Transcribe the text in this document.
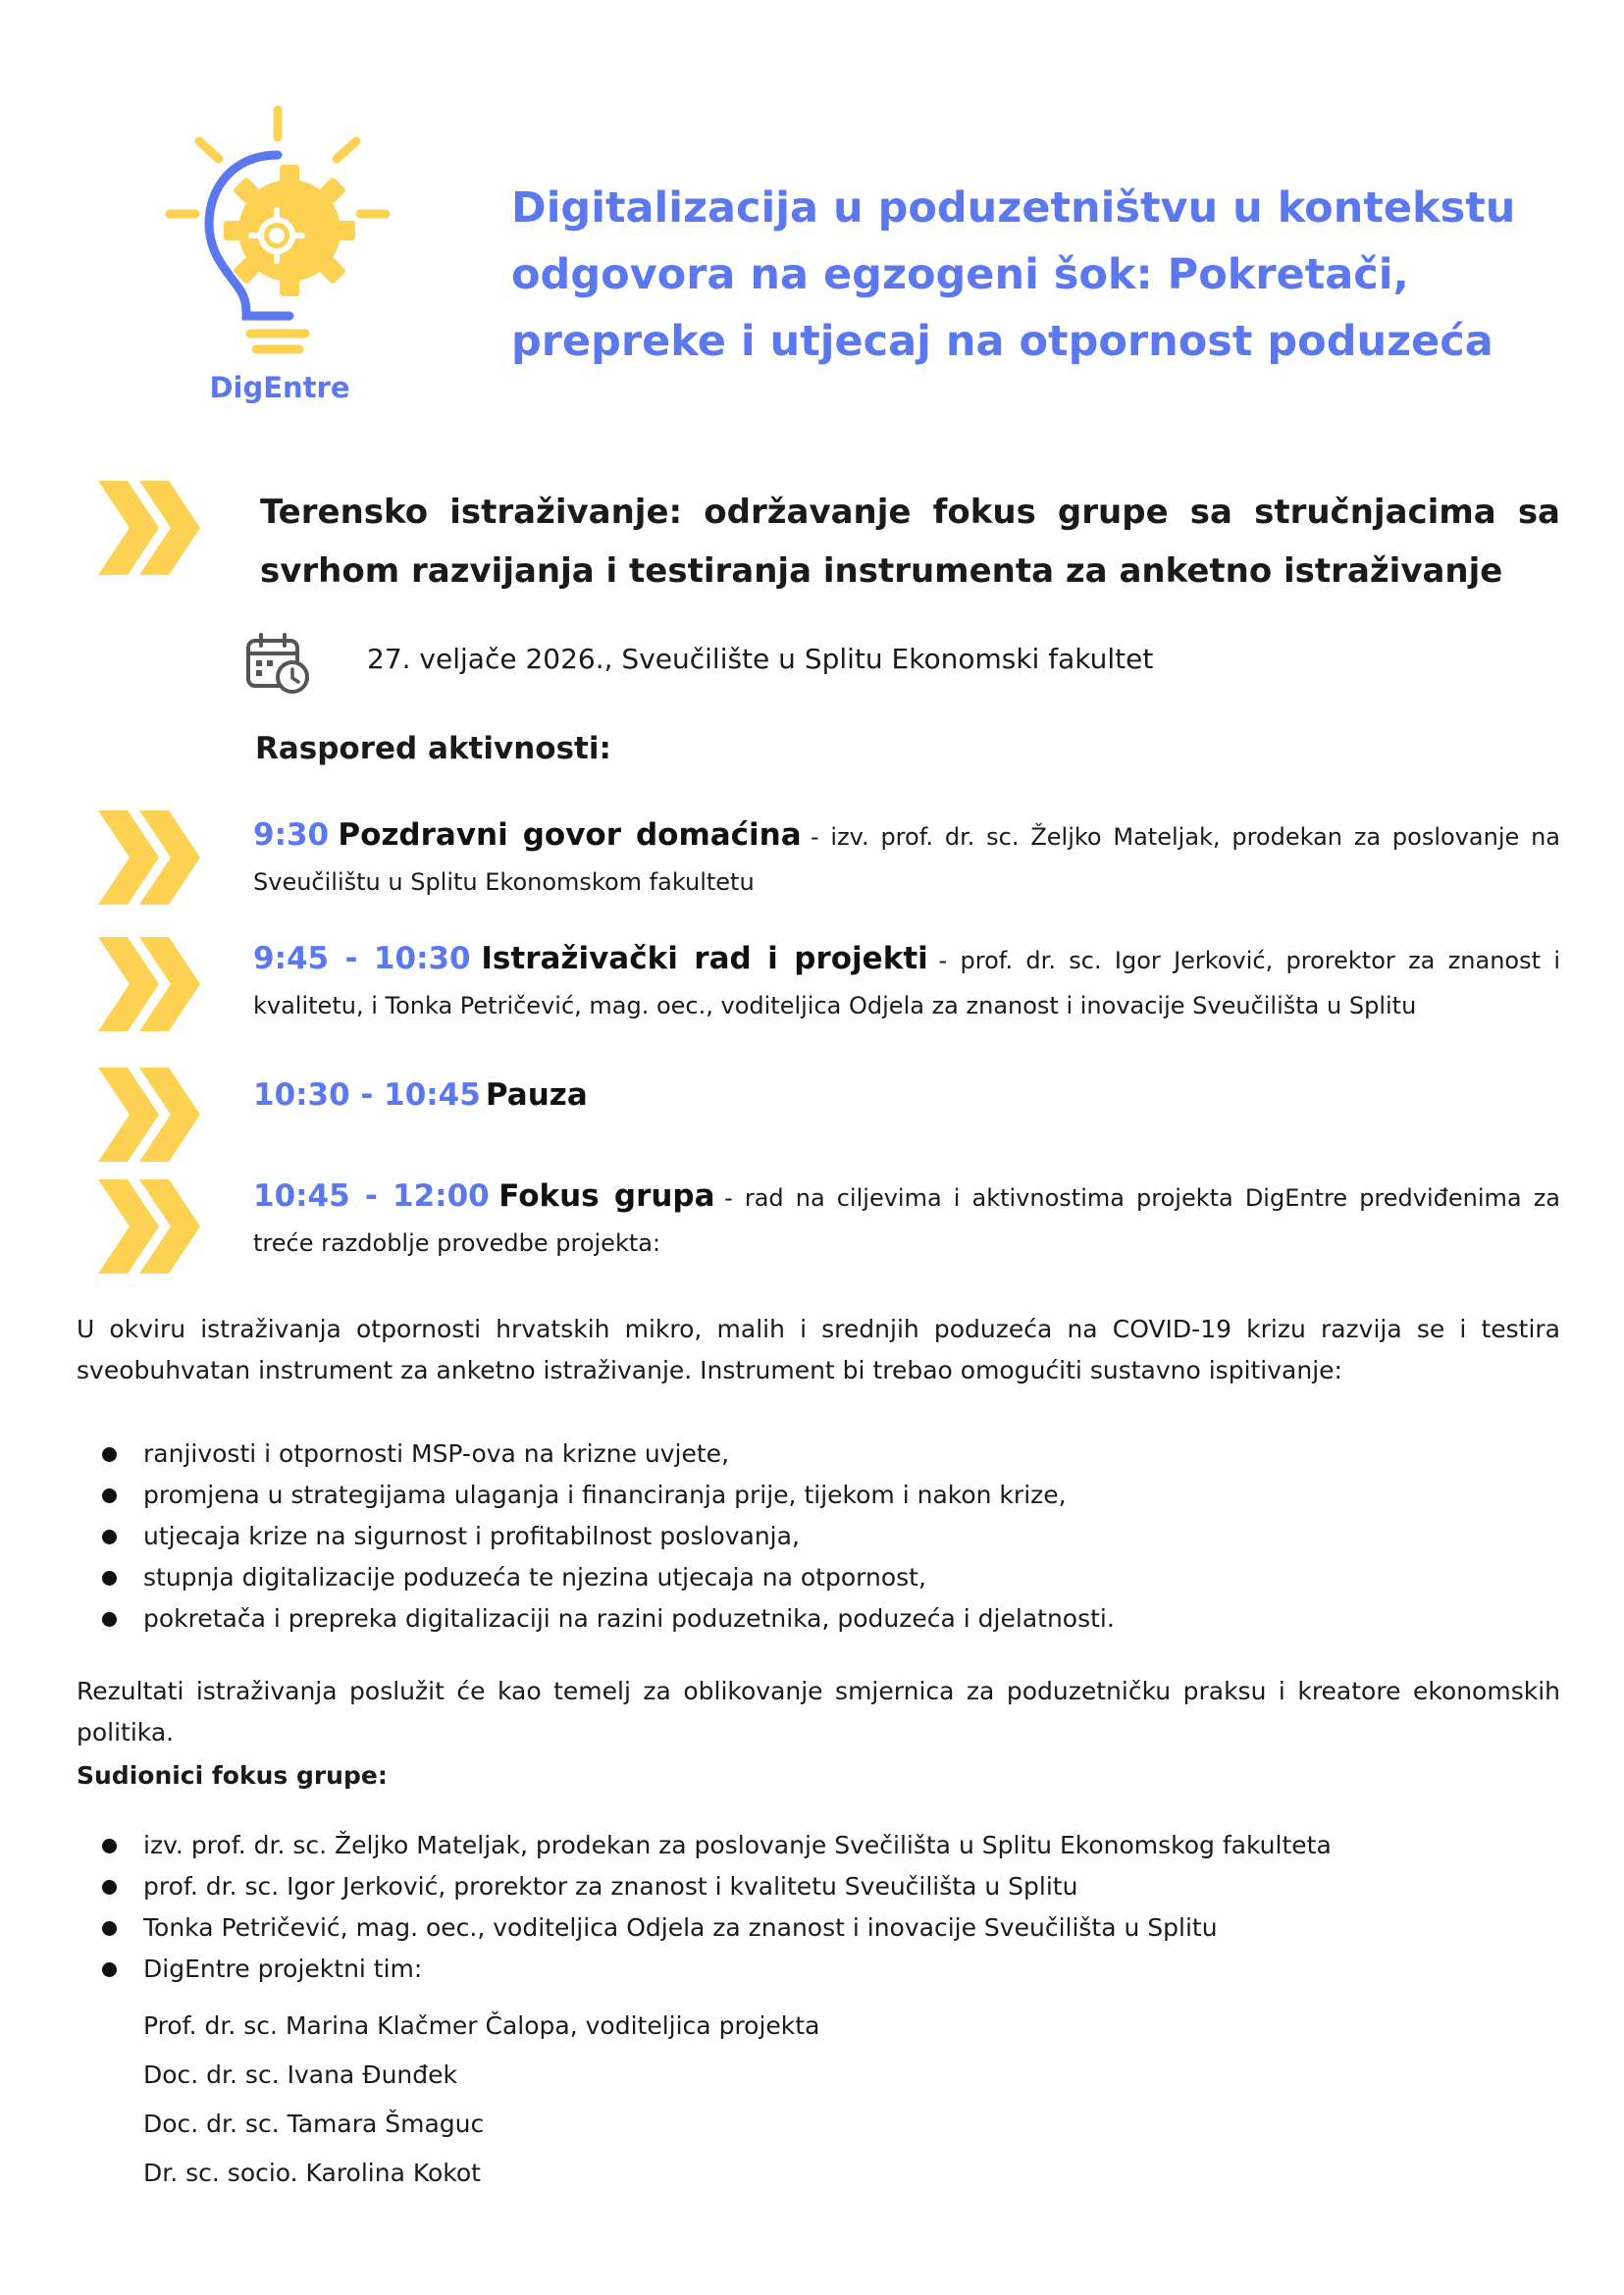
DigEntre
Digitalizacija u poduzetništvu u kontekstu odgovora na egzogeni šok: Pokretači, prepreke i utjecaj na otpornost poduzeća
Terensko istraživanje: održavanje fokus grupe sa stručnjacima sa svrhom razvijanja i testiranja instrumenta za anketno istraživanje
27. veljače 2026., Sveučilište u Splitu Ekonomski fakultet
Raspored aktivnosti:
9:30 Pozdravni govor domaćina - izv. prof. dr. sc. Željko Mateljak, prodekan za poslovanje na Sveučilištu u Splitu Ekonomskom fakultetu
9:45 - 10:30 Istraživački rad i projekti - prof. dr. sc. Igor Jerković, prorektor za znanost i kvalitetu, i Tonka Petričević, mag. oec., voditeljica Odjela za znanost i inovacije Sveučilišta u Splitu
10:30 - 10:45 Pauza
10:45 - 12:00 Fokus grupa - rad na ciljevima i aktivnostima projekta DigEntre predviđenima za treće razdoblje provedbe projekta:
U okviru istraživanja otpornosti hrvatskih mikro, malih i srednjih poduzeća na COVID-19 krizu razvija se i testira sveobuhvatan instrument za anketno istraživanje. Instrument bi trebao omogućiti sustavno ispitivanje:
ranjivosti i otpornosti MSP-ova na krizne uvjete,
promjena u strategijama ulaganja i financiranja prije, tijekom i nakon krize,
utjecaja krize na sigurnost i profitabilnost poslovanja,
stupnja digitalizacije poduzeća te njezina utjecaja na otpornost,
pokretača i prepreka digitalizaciji na razini poduzetnika, poduzeća i djelatnosti.
Rezultati istraživanja poslužit će kao temelj za oblikovanje smjernica za poduzetničku praksu i kreatore ekonomskih politika.
Sudionici fokus grupe:
izv. prof. dr. sc. Željko Mateljak, prodekan za poslovanje Svečilišta u Splitu Ekonomskog fakulteta
prof. dr. sc. Igor Jerković, prorektor za znanost i kvalitetu Sveučilišta u Splitu
Tonka Petričević, mag. oec., voditeljica Odjela za znanost i inovacije Sveučilišta u Splitu
DigEntre projektni tim:
Prof. dr. sc. Marina Klačmer Čalopa, voditeljica projekta
Doc. dr. sc. Ivana Đunđek
Doc. dr. sc. Tamara Šmaguc
Dr. sc. socio. Karolina Kokot
